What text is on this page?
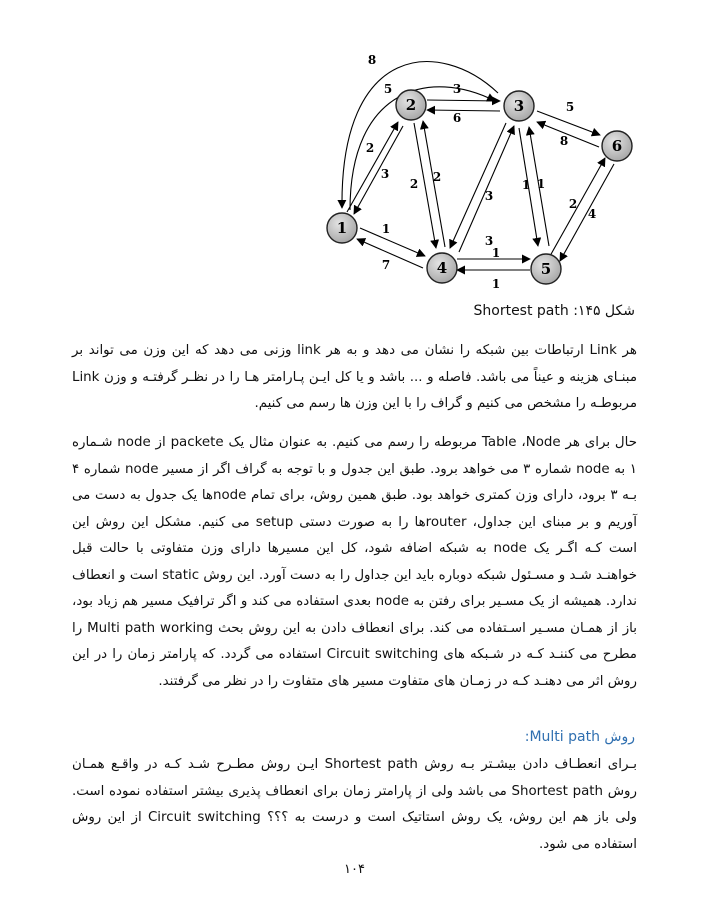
1
2	3
4	5
6
8
5	3
6
5
8
2
3
2 2
3
3
1 1
2
4
1
7
1
1
شکل ۱۴۵: Shortest path

هر Link ارتباطات بین شبکه را نشان می دهد و به هر link وزنی می دهد که این وزن می تواند بر مبنـای هزینه و عیناً می باشد. فاصله و ... باشد و یا کل ایـن پـارامتر هـا را در نظـر گرفتـه و وزن Link مربوطـه را مشخص می کنیم و گراف را با این وزن ها رسم می کنیم.

حال برای هر Table ،Node مربوطه را رسم می کنیم. به عنوان مثال یک packete از node شـماره ۱ به node شماره ۳ می خواهد برود. طبق این جدول و با توجه به گراف اگر از مسیر node شماره ۴ بـه ۳ برود، دارای وزن کمتری خواهد بود. طبق همین روش، برای تمام nodeها یک جدول به دست می آوریم و بر مبنای این جداول، routerها را به صورت دستی setup می کنیم. مشکل این روش این است کـه اگـر یک node به شبکه اضافه شود، کل این مسیرها دارای وزن متفاوتی با حالت قبل خواهنـد شـد و مسـئول شبکه دوباره باید این جداول را به دست آورد. این روش static است و انعطاف ندارد. همیشه از یک مسـیر برای رفتن به node بعدی استفاده می کند و اگر ترافیک مسیر هم زیاد بود، باز از همـان مسـیر اسـتفاده می کند. برای انعطاف دادن به این روش بحث Multi path working را مطرح می کننـد کـه در شـبکه های Circuit switching استفاده می گردد. که پارامتر زمان را در این روش اثر می دهنـد کـه در زمـان های متفاوت مسیر های متفاوت را در نظر می گرفتند.

روش Multi path:

بـرای انعطـاف دادن بیشـتر بـه روش Shortest path ایـن روش مطـرح شـد کـه در واقـع همـان روش Shortest path می باشد ولی از پارامتر زمان برای انعطاف پذیری بیشتر استفاده نموده است. ولی باز هم این روش، یک روش استاتیک است و درست به ؟؟؟ Circuit switching از این روش استفاده می شود.

۱۰۴
